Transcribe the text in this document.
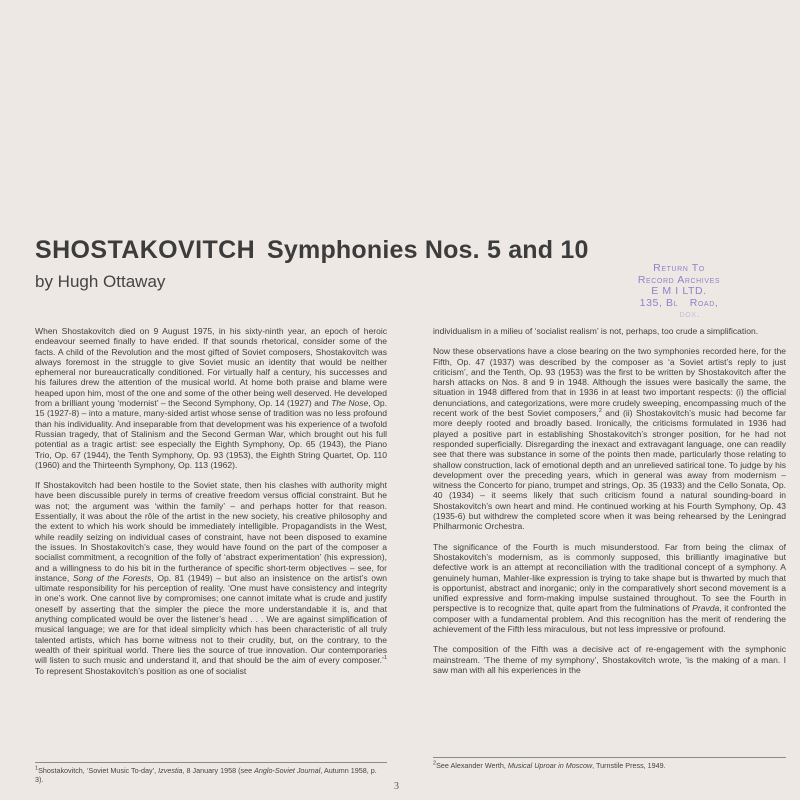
SHOSTAKOVITCH Symphonies Nos. 5 and 10
by Hugh Ottaway
Return To
Record Archives
E M I LTD.
135, Bl    Road,
        dox.

When Shostakovitch died on 9 August 1975, in his sixty-ninth year, an epoch of heroic endeavour seemed finally to have ended. If that sounds rhetorical, consider some of the facts. A child of the Revolution and the most gifted of Soviet composers, Shostakovitch was always foremost in the struggle to give Soviet music an identity that would be neither ephemeral nor bureaucratically conditioned. For virtually half a century, his successes and his failures drew the attention of the musical world. At home both praise and blame were heaped upon him, most of the one and some of the other being well deserved. He developed from a brilliant young ‘modernist’ – the Second Symphony, Op. 14 (1927) and The Nose, Op. 15 (1927-8) – into a mature, many-sided artist whose sense of tradition was no less profound than his individuality. And inseparable from that development was his experience of a twofold Russian tragedy, that of Stalinism and the Second German War, which brought out his full potential as a tragic artist: see especially the Eighth Symphony, Op. 65 (1943), the Piano Trio, Op. 67 (1944), the Tenth Symphony, Op. 93 (1953), the Eighth String Quartet, Op. 110 (1960) and the Thirteenth Symphony, Op. 113 (1962).

If Shostakovitch had been hostile to the Soviet state, then his clashes with authority might have been discussible purely in terms of creative freedom versus official constraint. But he was not; the argument was ‘within the family’ – and perhaps hotter for that reason. Essentially, it was about the rôle of the artist in the new society, his creative philosophy and the extent to which his work should be immediately intelligible. Propagandists in the West, while readily seizing on individual cases of constraint, have not been disposed to examine the issues. In Shostakovitch’s case, they would have found on the part of the composer a socialist commitment, a recognition of the folly of ‘abstract experimentation’ (his expression), and a willingness to do his bit in the furtherance of specific short-term objectives – see, for instance, Song of the Forests, Op. 81 (1949) – but also an insistence on the artist’s own ultimate responsibility for his perception of reality. ‘One must have consistency and integrity in one’s work. One cannot live by compromises; one cannot imitate what is crude and justify oneself by asserting that the simpler the piece the more understandable it is, and that anything complicated would be over the listener’s head . . . We are against simplification of musical language; we are for that ideal simplicity which has been characteristic of all truly talented artists, which has borne witness not to their crudity, but, on the contrary, to the wealth of their spiritual world. There lies the source of true innovation. Our contemporaries will listen to such music and understand it, and that should be the aim of every composer.’$^1$ To represent Shostakovitch’s position as one of socialist

$^1$Shostakovitch, ‘Soviet Music To-day’, Izvestia, 8 January 1958 (see Anglo-Soviet Journal, Autumn 1958, p. 3).

individualism in a milieu of ‘socialist realism’ is not, perhaps, too crude a simplification.

Now these observations have a close bearing on the two symphonies recorded here, for the Fifth, Op. 47 (1937) was described by the composer as ‘a Soviet artist’s reply to just criticism’, and the Tenth, Op. 93 (1953) was the first to be written by Shostakovitch after the harsh attacks on Nos. 8 and 9 in 1948. Although the issues were basically the same, the situation in 1948 differed from that in 1936 in at least two important respects: (i) the official denunciations, and categorizations, were more crudely sweeping, encompassing much of the recent work of the best Soviet composers,$^2$ and (ii) Shostakovitch’s music had become far more deeply rooted and broadly based. Ironically, the criticisms formulated in 1936 had played a positive part in establishing Shostakovitch’s stronger position, for he had not responded superficially. Disregarding the inexact and extravagant language, one can readily see that there was substance in some of the points then made, particularly those relating to shallow construction, lack of emotional depth and an unrelieved satirical tone. To judge by his development over the preceding years, which in general was away from modernism – witness the Concerto for piano, trumpet and strings, Op. 35 (1933) and the Cello Sonata, Op. 40 (1934) – it seems likely that such criticism found a natural sounding-board in Shostakovitch’s own heart and mind. He continued working at his Fourth Symphony, Op. 43 (1935-6) but withdrew the completed score when it was being rehearsed by the Leningrad Philharmonic Orchestra.

The significance of the Fourth is much misunderstood. Far from being the climax of Shostakovitch’s modernism, as is commonly supposed, this brilliantly imaginative but defective work is an attempt at reconciliation with the traditional concept of a symphony. A genuinely human, Mahler-like expression is trying to take shape but is thwarted by much that is opportunist, abstract and inorganic; only in the comparatively short second movement is a unified expressive and form-making impulse sustained throughout. To see the Fourth in perspective is to recognize that, quite apart from the fulminations of Pravda, it confronted the composer with a fundamental problem. And this recognition has the merit of rendering the achievement of the Fifth less miraculous, but not less impressive or profound.

The composition of the Fifth was a decisive act of re-engagement with the symphonic mainstream. ‘The theme of my symphony’, Shostakovitch wrote, ‘is the making of a man. I saw man with all his experiences in the

$^2$See Alexander Werth, Musical Uproar in Moscow, Turnstile Press, 1949.
3
